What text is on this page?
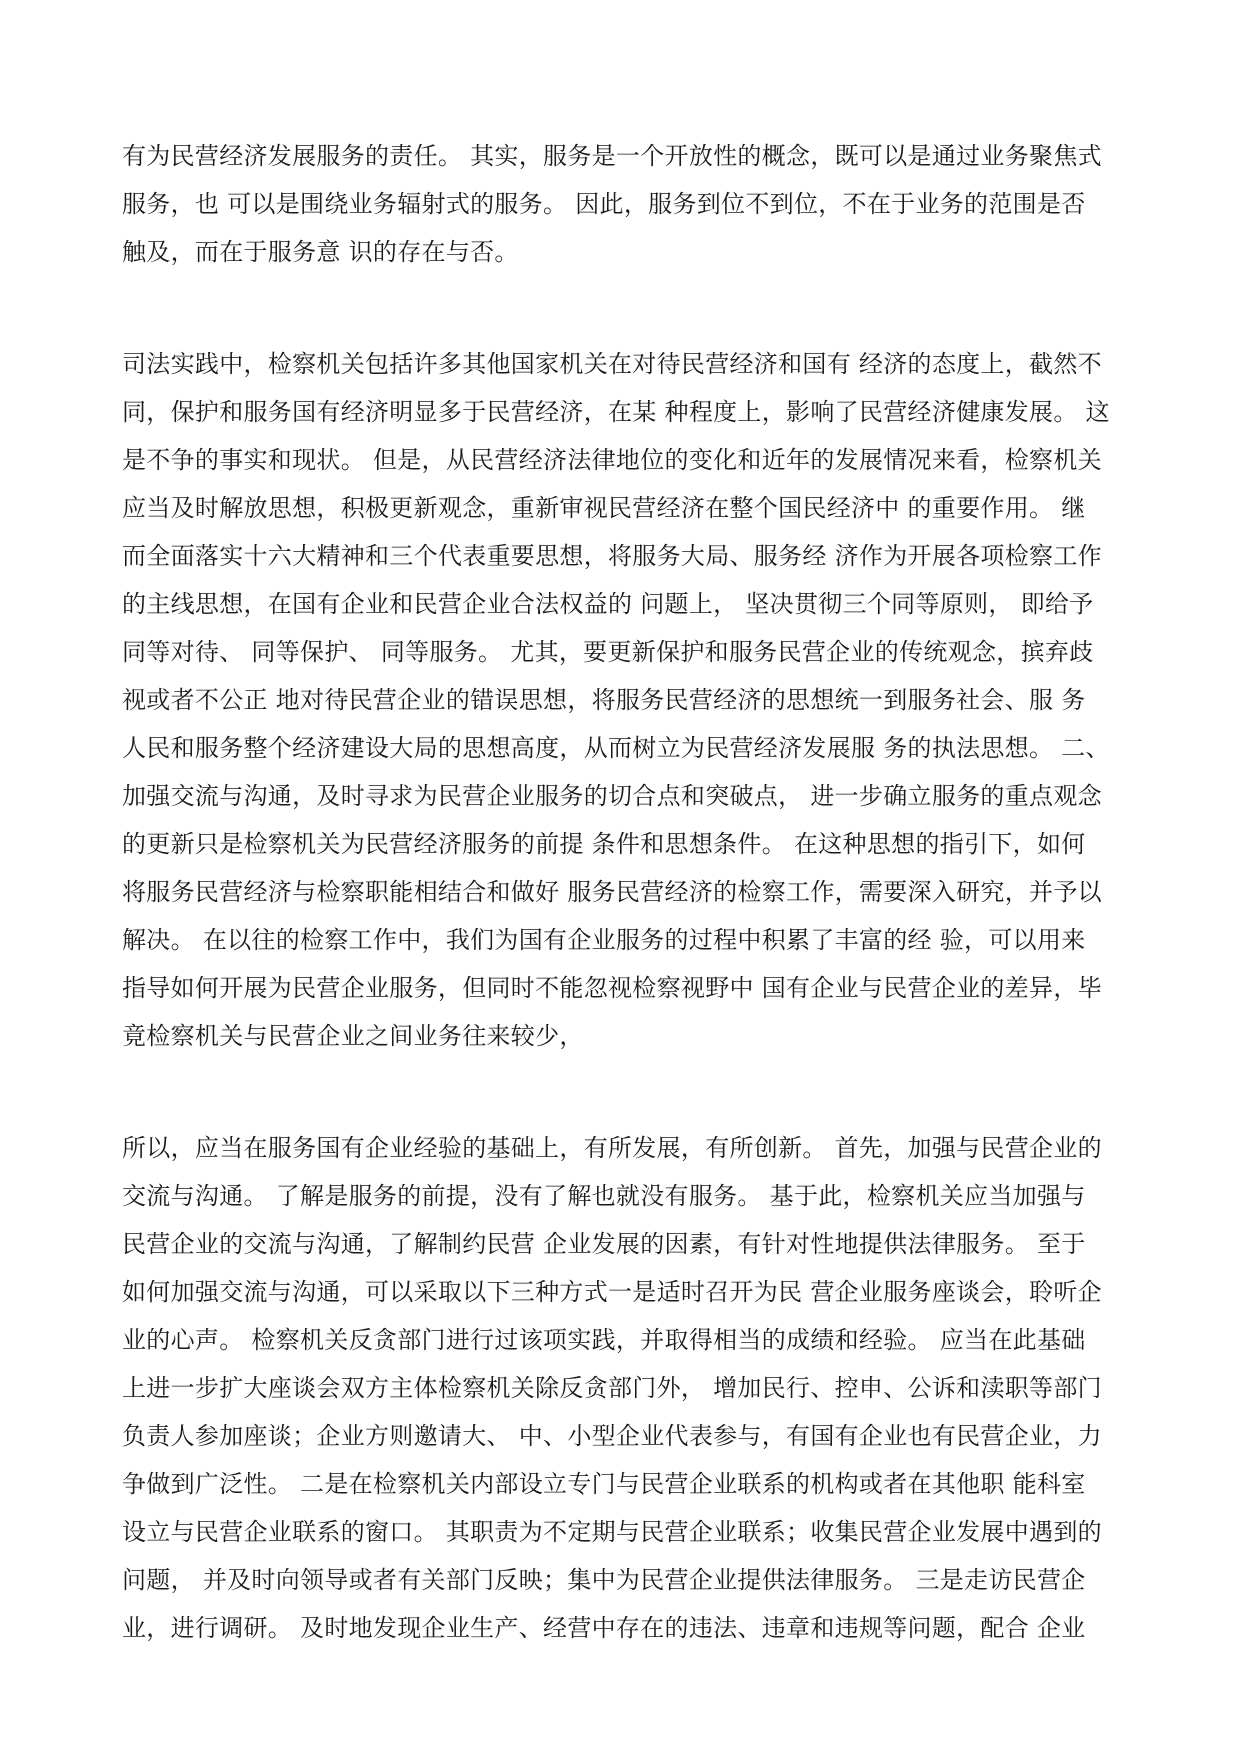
有为民营经济发展服务的责任。 其实，服务是一个开放性的概念，既可以是通过业务聚焦式

服务，也 可以是围绕业务辐射式的服务。 因此，服务到位不到位，不在于业务的范围是否

触及，而在于服务意 识的存在与否。

司法实践中，检察机关包括许多其他国家机关在对待民营经济和国有 经济的态度上，截然不

同，保护和服务国有经济明显多于民营经济，在某 种程度上，影响了民营经济健康发展。 这

是不争的事实和现状。 但是，从民营经济法律地位的变化和近年的发展情况来看，检察机关

应当及时解放思想，积极更新观念，重新审视民营经济在整个国民经济中 的重要作用。 继

而全面落实十六大精神和三个代表重要思想，将服务大局、服务经 济作为开展各项检察工作

的主线思想，在国有企业和民营企业合法权益的 问题上， 坚决贯彻三个同等原则， 即给予

同等对待、 同等保护、 同等服务。 尤其，要更新保护和服务民营企业的传统观念，摈弃歧

视或者不公正 地对待民营企业的错误思想，将服务民营经济的思想统一到服务社会、服 务

人民和服务整个经济建设大局的思想高度，从而树立为民营经济发展服 务的执法思想。 二、

加强交流与沟通，及时寻求为民营企业服务的切合点和突破点， 进一步确立服务的重点观念

的更新只是检察机关为民营经济服务的前提 条件和思想条件。 在这种思想的指引下，如何

将服务民营经济与检察职能相结合和做好 服务民营经济的检察工作，需要深入研究，并予以

解决。 在以往的检察工作中，我们为国有企业服务的过程中积累了丰富的经 验，可以用来

指导如何开展为民营企业服务，但同时不能忽视检察视野中 国有企业与民营企业的差异，毕

竟检察机关与民营企业之间业务往来较少，

所以，应当在服务国有企业经验的基础上，有所发展，有所创新。 首先，加强与民营企业的

交流与沟通。 了解是服务的前提，没有了解也就没有服务。 基于此，检察机关应当加强与

民营企业的交流与沟通，了解制约民营 企业发展的因素，有针对性地提供法律服务。 至于

如何加强交流与沟通，可以采取以下三种方式一是适时召开为民 营企业服务座谈会，聆听企

业的心声。 检察机关反贪部门进行过该项实践，并取得相当的成绩和经验。 应当在此基础

上进一步扩大座谈会双方主体检察机关除反贪部门外， 增加民行、控申、公诉和渎职等部门

负责人参加座谈；企业方则邀请大、 中、小型企业代表参与，有国有企业也有民营企业，力

争做到广泛性。 二是在检察机关内部设立专门与民营企业联系的机构或者在其他职 能科室

设立与民营企业联系的窗口。 其职责为不定期与民营企业联系；收集民营企业发展中遇到的

问题， 并及时向领导或者有关部门反映；集中为民营企业提供法律服务。 三是走访民营企

业，进行调研。 及时地发现企业生产、经营中存在的违法、违章和违规等问题，配合 企业
